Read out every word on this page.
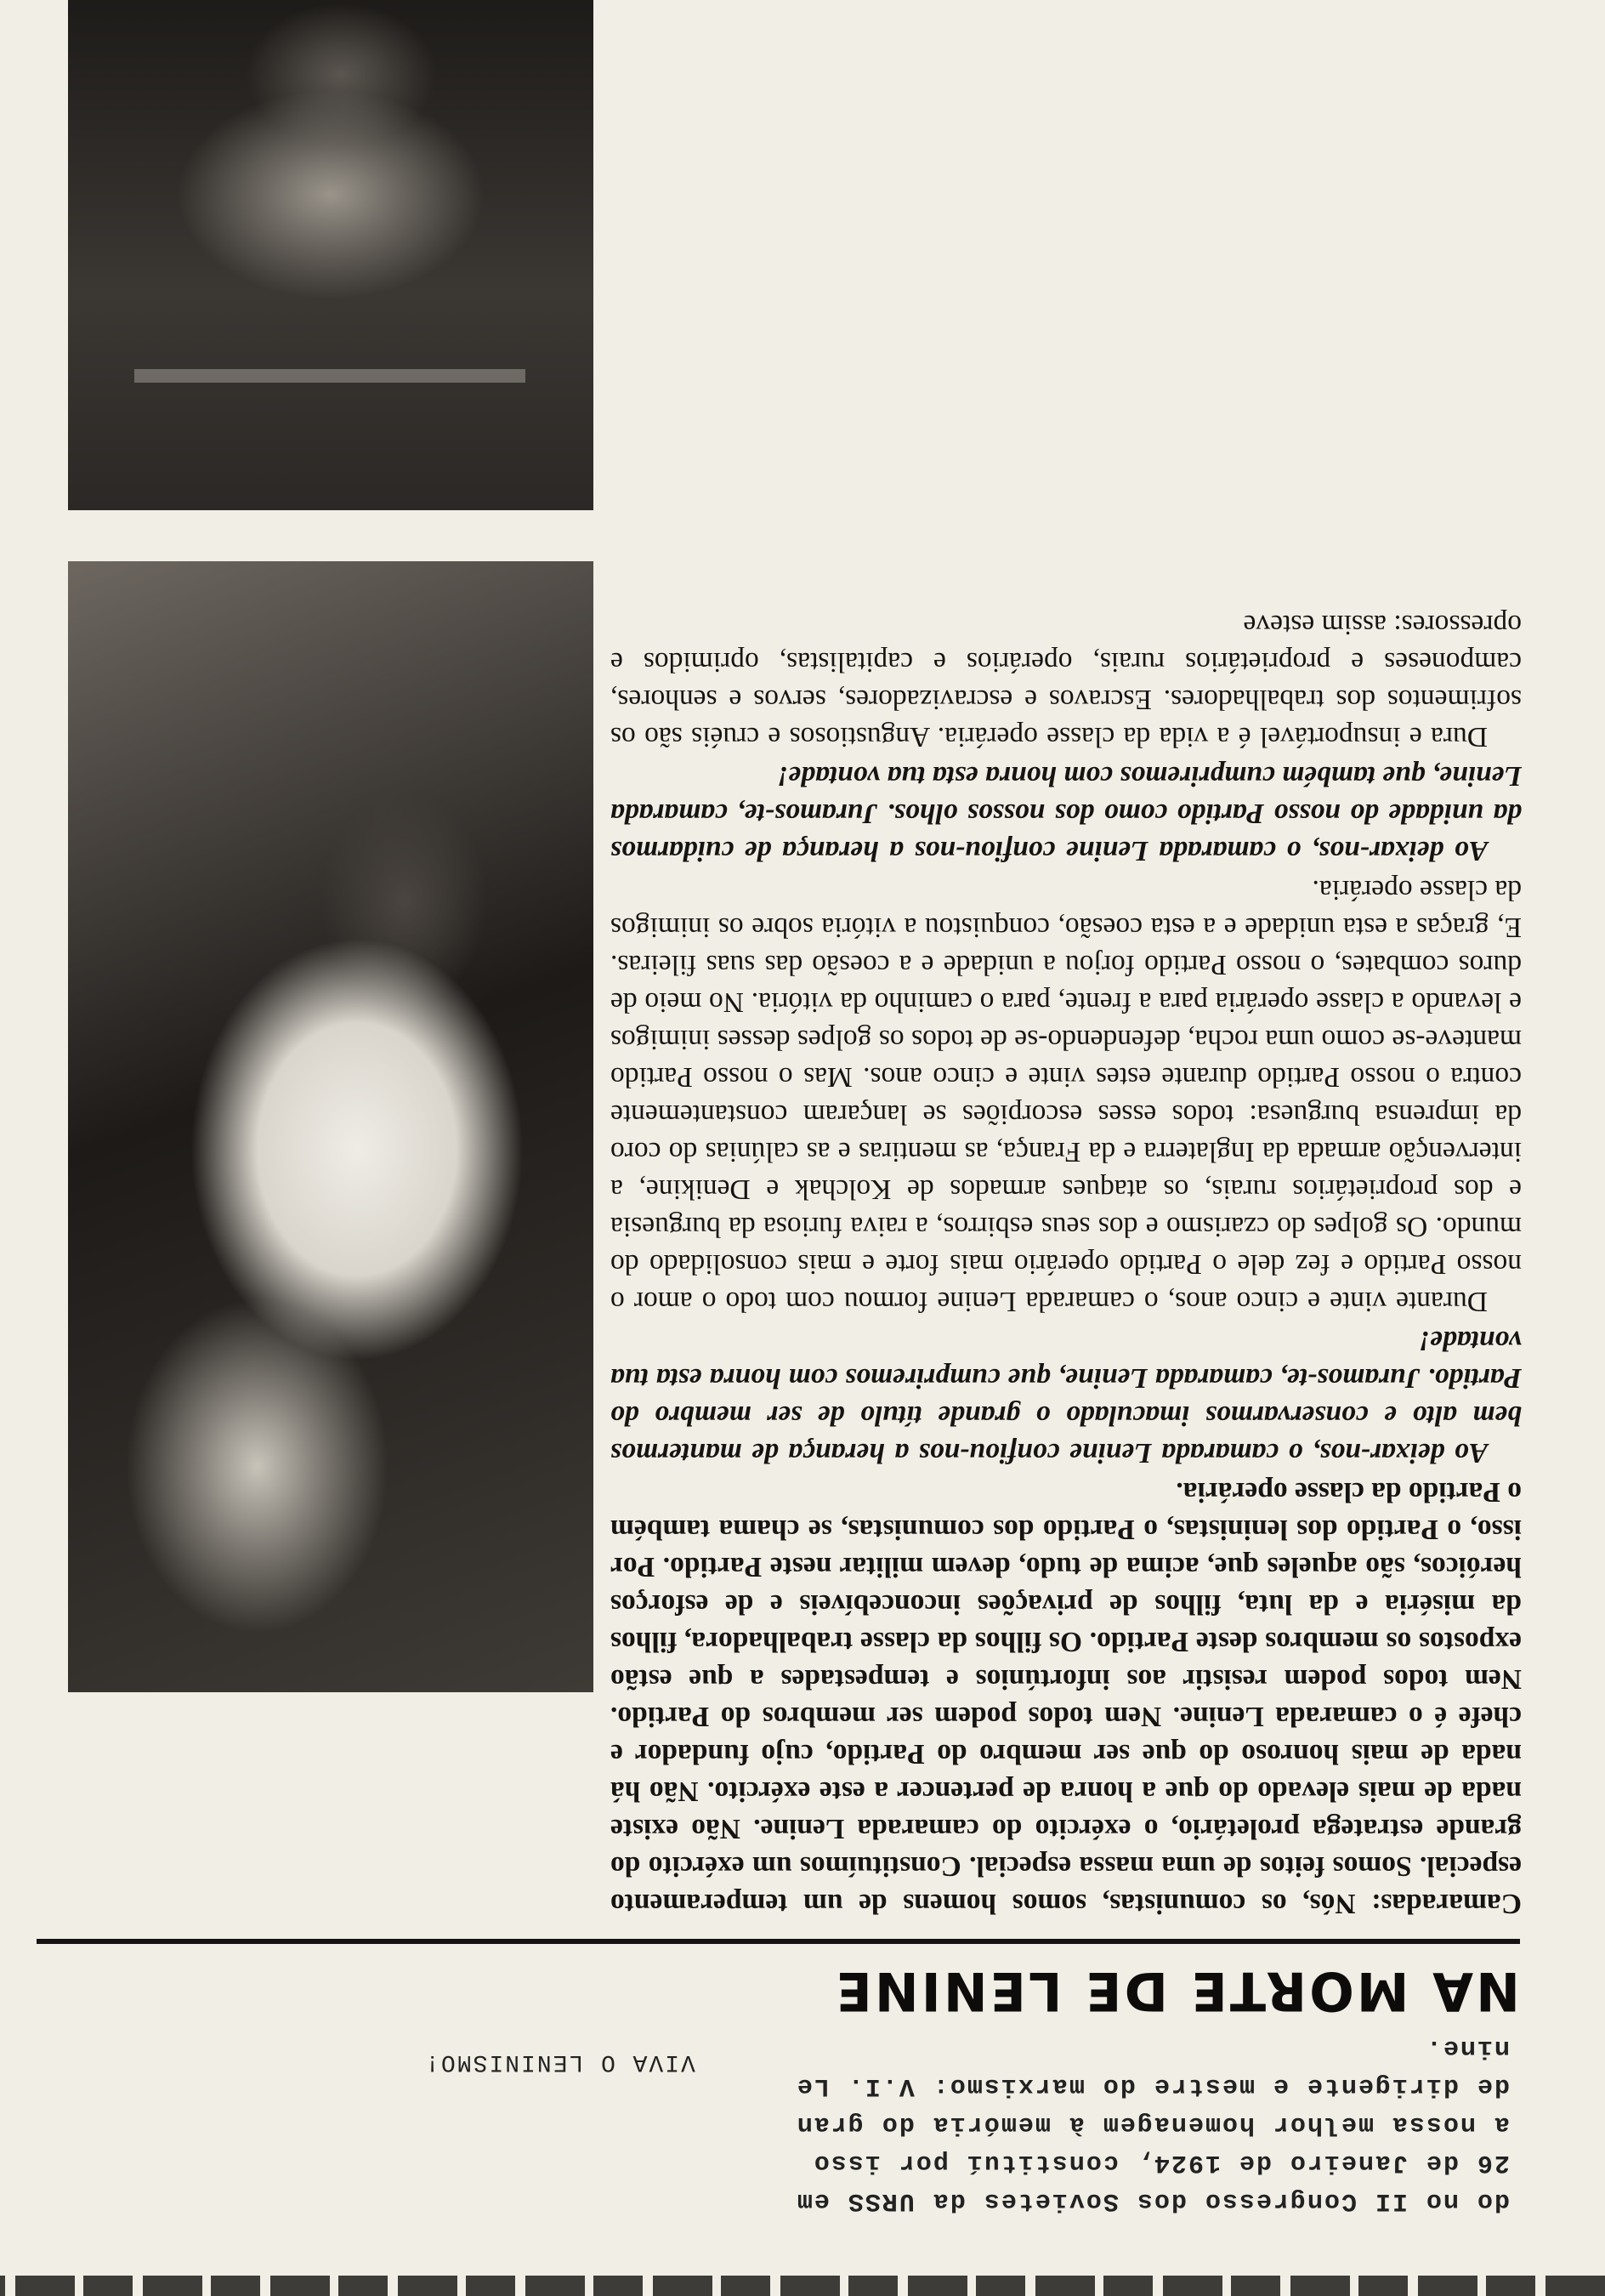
do no II Congresso dos Sovietes da URSS em

26 de Janeiro de 1924, constituí por isso

a nossa melhor homenagem à memória do gran

de dirigente e mestre do marxismo: V.I. Le

nine.

VIVA O LENINISMO!
NA MORTE DE LENINE

Camaradas: Nós, os comunistas, somos homens de um temperamento especial. Somos feitos de uma massa especial. Constituímos um exército do grande estratega proletário, o exército do camarada Lenine. Não existe nada de mais elevado do que a honra de pertencer a este exército. Não há nada de mais honroso do que ser membro do Partido, cujo fundador e chefe é o camarada Lenine. Nem todos podem ser membros do Partido. Nem todos podem resistir aos infortúnios e tempestades a que estão expostos os membros deste Partido. Os filhos da classe trabalhadora, filhos da miséria e da luta, filhos de privações inconcebíveis e de esforços heróicos, são aqueles que, acima de tudo, devem militar neste Partido. Por isso, o Partido dos leninistas, o Partido dos comunistas, se chama também o Partido da classe operária.

Ao deixar-nos, o camarada Lenine confiou-nos a herança de mantermos bem alto e conservarmos imaculado o grande título de ser membro do Partido. Juramos-te, camarada Lenine, que cumpriremos com honra esta tua vontade!

Durante vinte e cinco anos, o camarada Lenine formou com todo o amor o nosso Partido e fez dele o Partido operário mais forte e mais consolidado do mundo. Os golpes do czarismo e dos seus esbirros, a raiva furiosa da burguesia e dos proprietários rurais, os ataques armados de Kolchak e Denikine, a intervenção armada da Inglaterra e da França, as mentiras e as calúnias do coro da imprensa burguesa: todos esses escorpiões se lançaram constantemente contra o nosso Partido durante estes vinte e cinco anos. Mas o nosso Partido manteve-se como uma rocha, defendendo-se de todos os golpes desses inimigos e levando a classe operária para a frente, para o caminho da vitória. No meio de duros combates, o nosso Partido forjou a unidade e a coesão das suas fileiras. E, graças a esta unidade e a esta coesão, conquistou a vitória sobre os inimigos da classe operária.

Ao deixar-nos, o camarada Lenine confiou-nos a herança de cuidarmos da unidade do nosso Partido como dos nossos olhos. Juramos-te, camarada Lenine, que também cumpriremos com honra esta tua vontade!

Dura e insuportável é a vida da classe operária. Angustiosos e cruéis são os sofrimentos dos trabalhadores. Escravos e escravizadores, servos e senhores, camponeses e proprietários rurais, operários e capitalistas, oprimidos e opressores: assim esteve
